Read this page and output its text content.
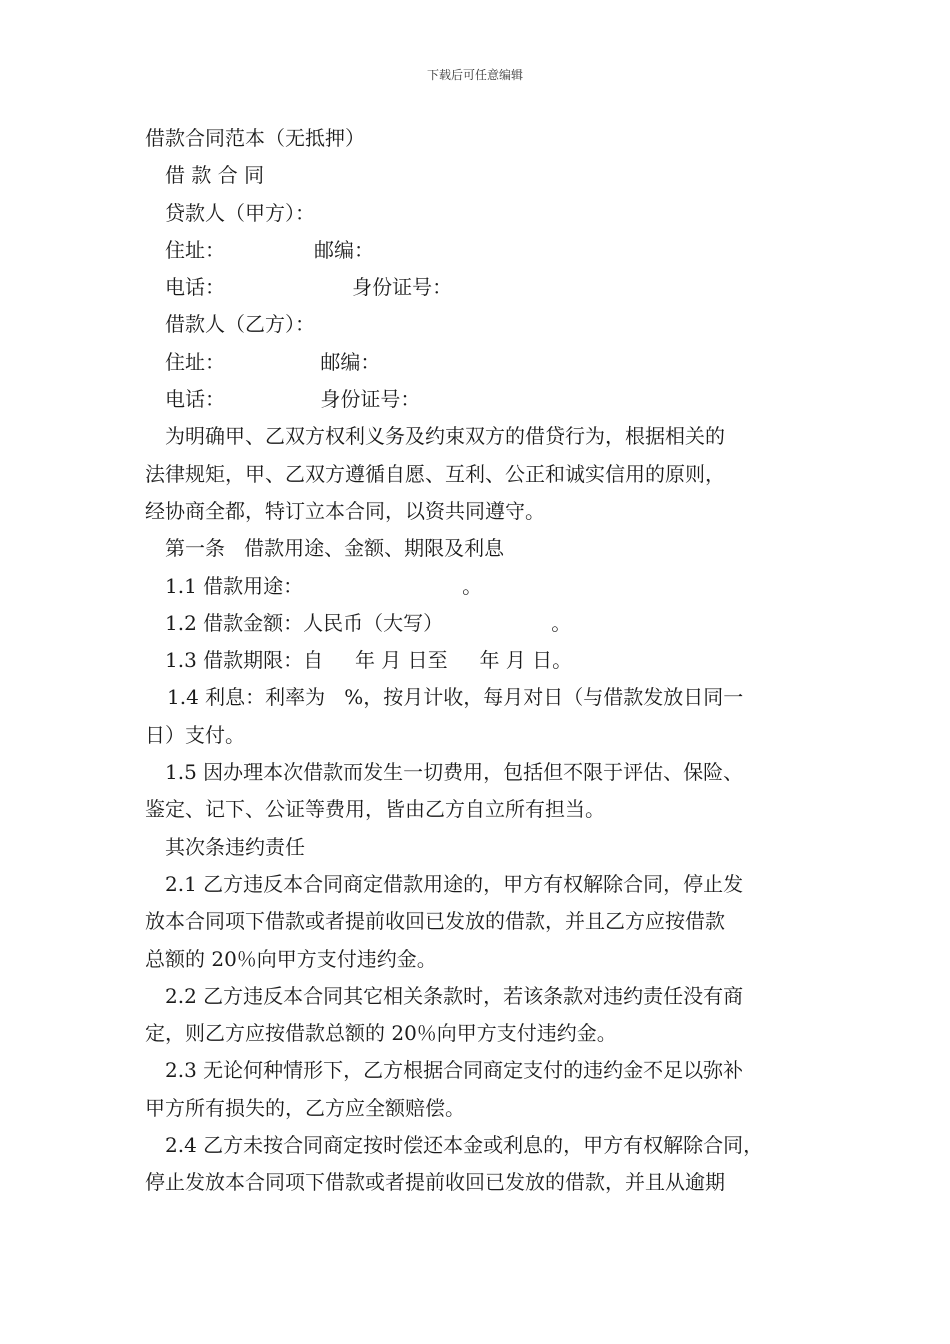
下载后可任意编辑
借款合同范本（无抵押）
借 款 合 同
贷款人（甲方）：
住址：              邮编：
电话：                    身份证号：
借款人（乙方）：
住址：               邮编：
电话：               身份证号：
为明确甲、乙双方权利义务及约束双方的借贷行为，根据相关的
法律规矩，甲、乙双方遵循自愿、互利、公正和诚实信用的原则，
经协商全都，特订立本合同，以资共同遵守。
第一条   借款用途、金额、期限及利息
1.1 借款用途：                         。
1.2 借款金额：人民币（大写）                 。
1.3 借款期限：自     年 月 日至     年 月 日。
1.4 利息：利率为   %，按月计收，每月对日（与借款发放日同一
日）支付。
1.5 因办理本次借款而发生一切费用，包括但不限于评估、保险、
鉴定、记下、公证等费用，皆由乙方自立所有担当。
其次条违约责任
2.1 乙方违反本合同商定借款用途的，甲方有权解除合同，停止发
放本合同项下借款或者提前收回已发放的借款，并且乙方应按借款
总额的 20％向甲方支付违约金。
2.2 乙方违反本合同其它相关条款时，若该条款对违约责任没有商
定，则乙方应按借款总额的 20％向甲方支付违约金。
2.3 无论何种情形下，乙方根据合同商定支付的违约金不足以弥补
甲方所有损失的，乙方应全额赔偿。
2.4 乙方未按合同商定按时偿还本金或利息的，甲方有权解除合同，
停止发放本合同项下借款或者提前收回已发放的借款，并且从逾期
